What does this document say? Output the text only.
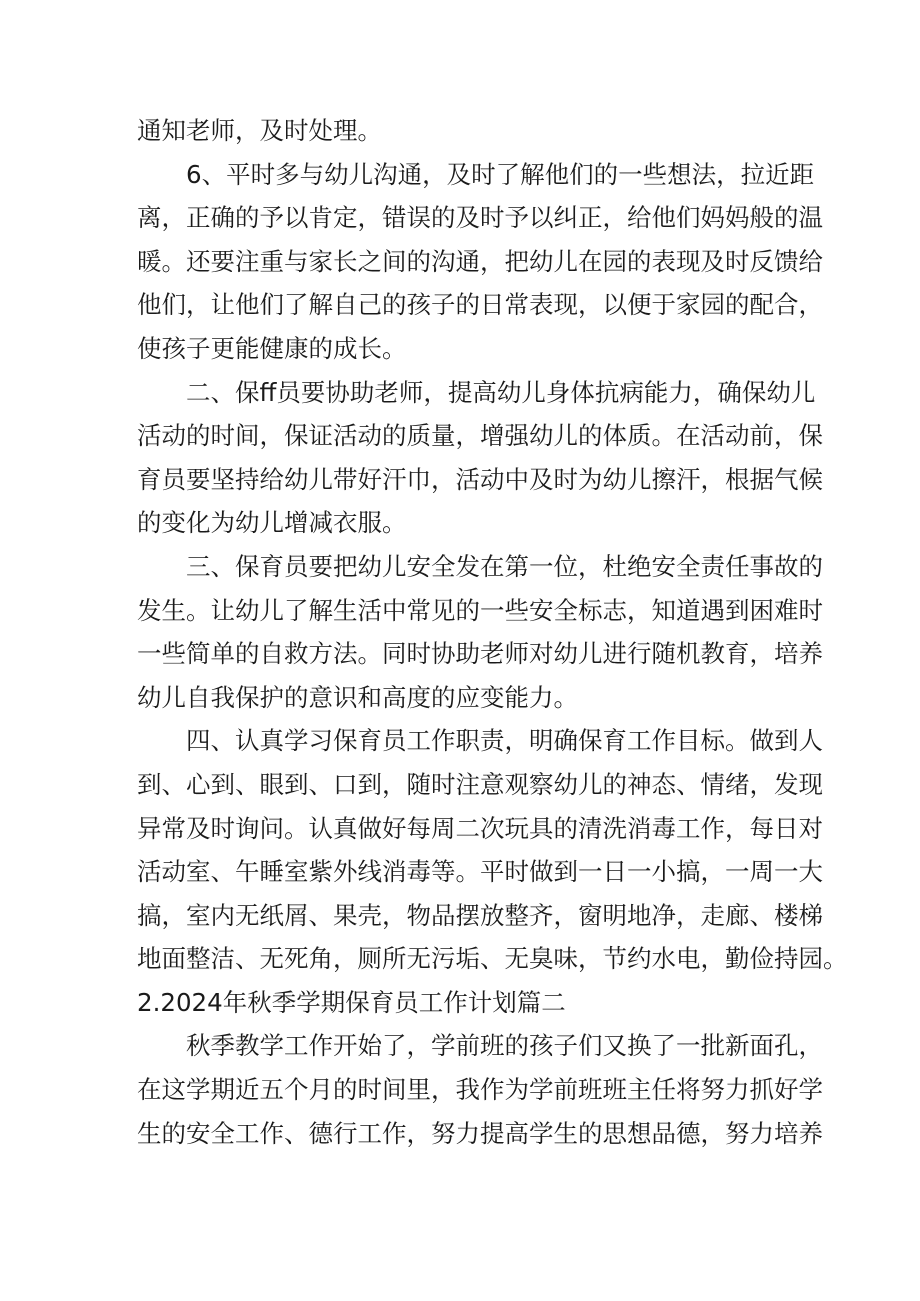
通知老师，及时处理。
6、平时多与幼儿沟通，及时了解他们的一些想法，拉近距
离，正确的予以肯定，错误的及时予以纠正，给他们妈妈般的温
暖。还要注重与家长之间的沟通，把幼儿在园的表现及时反馈给
他们，让他们了解自己的孩子的日常表现，以便于家园的配合，
使孩子更能健康的成长。
二、保ff员要协助老师，提高幼儿身体抗病能力，确保幼儿
活动的时间，保证活动的质量，增强幼儿的体质。在活动前，保
育员要坚持给幼儿带好汗巾，活动中及时为幼儿擦汗，根据气候
的变化为幼儿增减衣服。
三、保育员要把幼儿安全发在第一位，杜绝安全责任事故的
发生。让幼儿了解生活中常见的一些安全标志，知道遇到困难时
一些简单的自救方法。同时协助老师对幼儿进行随机教育，培养
幼儿自我保护的意识和高度的应变能力。
四、认真学习保育员工作职责，明确保育工作目标。做到人
到、心到、眼到、口到，随时注意观察幼儿的神态、情绪，发现
异常及时询问。认真做好每周二次玩具的清洗消毒工作，每日对
活动室、午睡室紫外线消毒等。平时做到一日一小搞，一周一大
搞，室内无纸屑、果壳，物品摆放整齐，窗明地净，走廊、楼梯
地面整洁、无死角，厕所无污垢、无臭味，节约水电，勤俭持园。
2.2024年秋季学期保育员工作计划篇二
秋季教学工作开始了，学前班的孩子们又换了一批新面孔，
在这学期近五个月的时间里，我作为学前班班主任将努力抓好学
生的安全工作、德行工作，努力提高学生的思想品德，努力培养
